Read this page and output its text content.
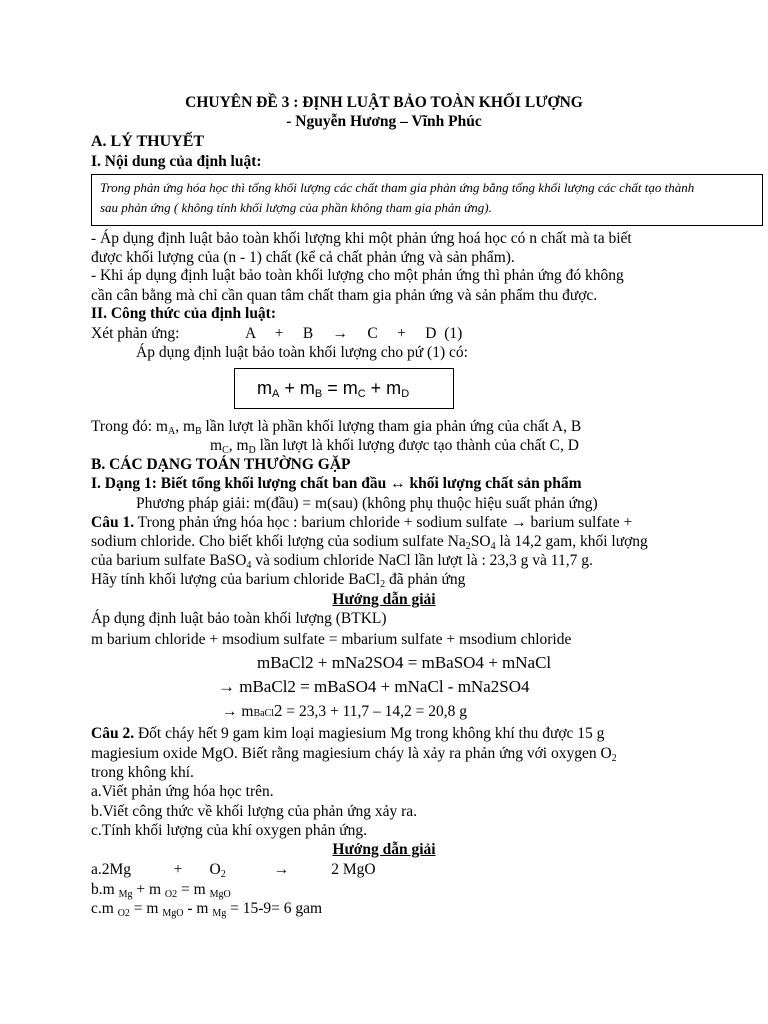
CHUYÊN ĐỀ 3 : ĐỊNH LUẬT BẢO TOÀN KHỐI LƯỢNG
- Nguyễn Hương – Vĩnh Phúc
A. LÝ THUYẾT
I. Nội dung của định luật:
Trong phản ứng hóa học thì tổng khối lượng các chất tham gia phản ứng bằng tổng khối lượng các chất tạo thành
sau phản ứng ( không tính khối lượng của phần không tham gia phản ứng).
- Áp dụng định luật bảo toàn khối lượng khi một phản ứng hoá học có n chất mà ta biết
được khối lượng của (n - 1) chất (kể cả chất phản ứng và sản phẩm).
- Khi áp dụng định luật bảo toàn khối lượng cho một phản ứng thì phản ứng đó không
cần cân bằng mà chỉ cần quan tâm chất tham gia phản ứng và sản phẩm thu được.
II. Công thức của định luật:
Xét phản ứng:	A     +     B     →     C     +     D  (1)
Áp dụng định luật bảo toàn khối lượng cho pứ (1) có:
$m_A + m_B = m_C + m_D$
Trong đó: $m_A$, $m_B$ lần lượt là phần khối lượng tham gia phản ứng của chất A, B
$m_C$, $m_D$ lần lượt là khối lượng được tạo thành của chất C, D
B. CÁC DẠNG TOÁN THƯỜNG GẶP
I. Dạng 1: Biết tổng khối lượng chất ban đầu ↔ khối lượng chất sản phẩm
Phương pháp giải: m(đầu) = m(sau) (không phụ thuộc hiệu suất phản ứng)
Câu 1. Trong phản ứng hóa học : barium chloride + sodium sulfate → barium sulfate +
sodium chloride. Cho biết khối lượng của sodium sulfate $Na_2SO_4$ là 14,2 gam, khối lượng
của barium sulfate BaSO$_4$ và sodium chloride NaCl lần lượt là : 23,3 g và 11,7 g.
Hãy tính khối lượng của barium chloride BaCl$_2$ đã phản ứng
Hướng dẫn giải
Áp dụng định luật bảo toàn khối lượng (BTKL)
m barium chloride + msodium sulfate = mbarium sulfate + msodium chloride
mBaCl2 + mNa2SO4 = mBaSO4 + mNaCl
→ mBaCl2 = mBaSO4 + mNaCl - mNa2SO4
→ mBaCl2 = 23,3 + 11,7 – 14,2 = 20,8 g
Câu 2. Đốt cháy hết 9 gam kim loại magiesium Mg trong không khí thu được 15 g
magiesium oxide MgO. Biết rằng magiesium cháy là xảy ra phản ứng với oxygen $O_2$
trong không khí.
a.Viết phản ứng hóa học trên.
b.Viết công thức về khối lượng của phản ứng xảy ra.
c.Tính khối lượng của khí oxygen phản ứng.
Hướng dẫn giải
a.2Mg           +       $O_2$	→	2 MgO
b.m $_{Mg}$ + m $_{O2}$ = m $_{MgO}$
c.m $_{O2}$ = m $_{MgO}$ - m $_{Mg}$ = 15-9= 6 gam
